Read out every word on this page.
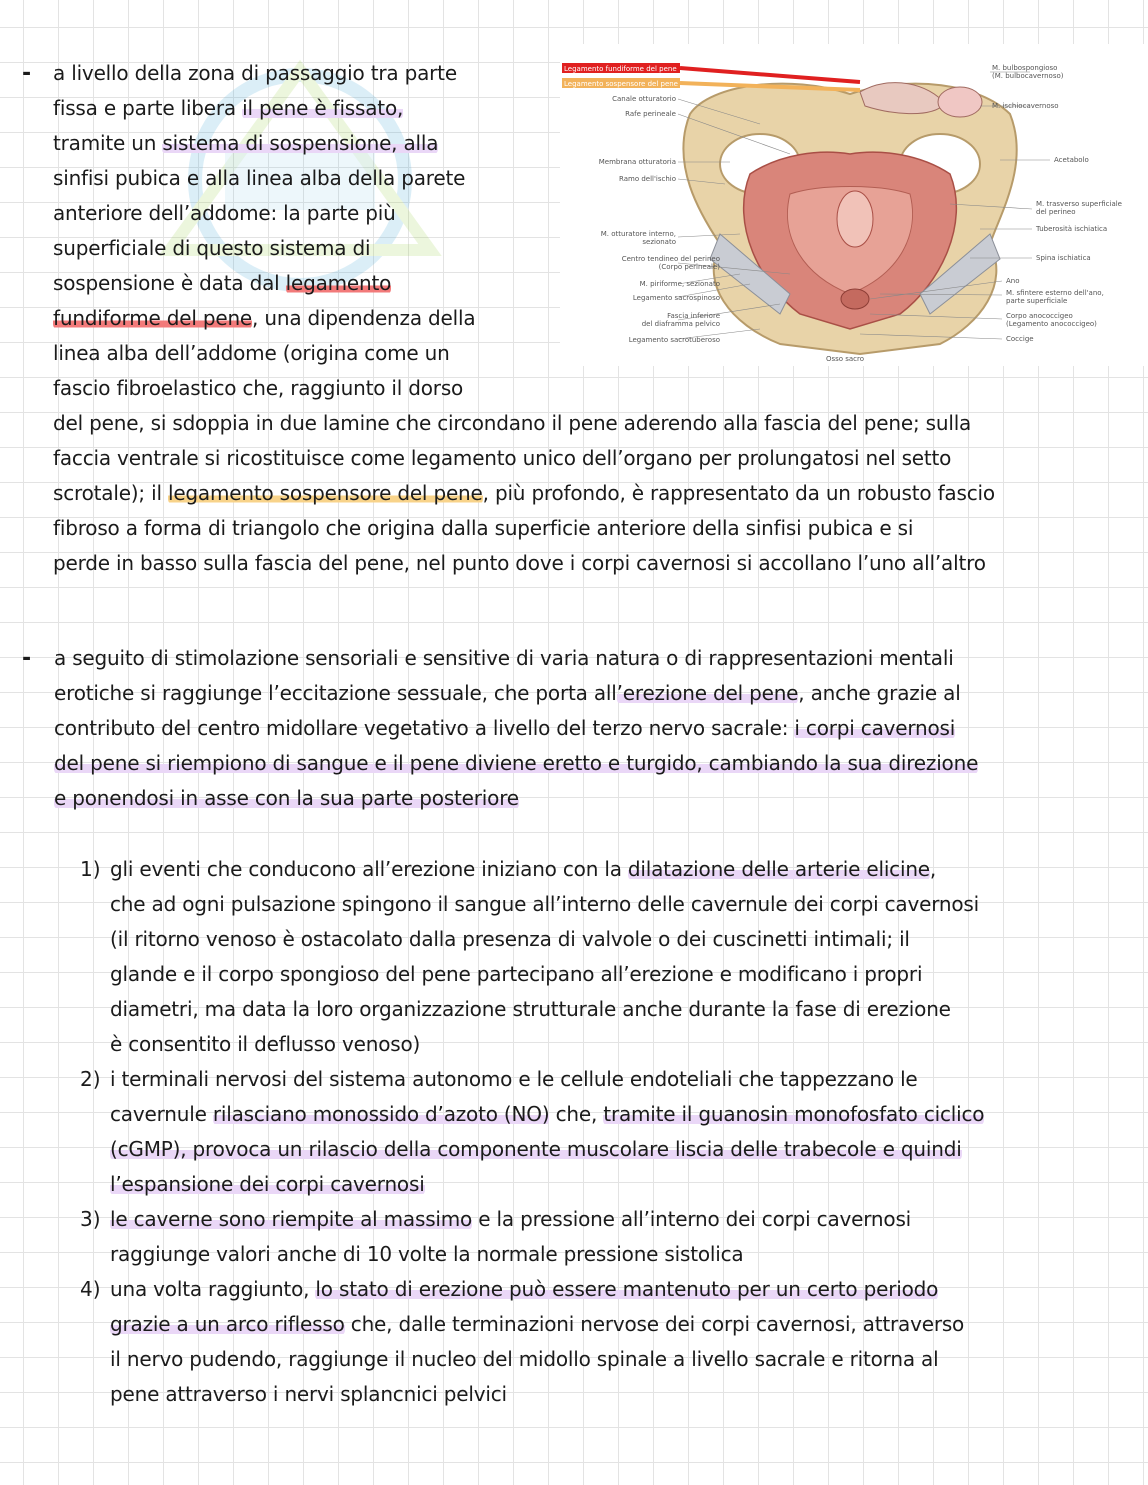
- a livello della zona di passaggio tra parte
fissa e parte libera il pene è fissato,
tramite un sistema di sospensione, alla
sinfisi pubica e alla linea alba della parete
anteriore dell’addome: la parte più
superficiale di questo sistema di
sospensione è data dal legamento
fundiforme del pene, una dipendenza della
linea alba dell’addome (origina come un
fascio fibroelastico che, raggiunto il dorso
del pene, si sdoppia in due lamine che circondano il pene aderendo alla fascia del pene; sulla
faccia ventrale si ricostituisce come legamento unico dell’organo per prolungatosi nel setto
scrotale); il legamento sospensore del pene, più profondo, è rappresentato da un robusto fascio
fibroso a forma di triangolo che origina dalla superficie anteriore della sinfisi pubica e si
perde in basso sulla fascia del pene, nel punto dove i corpi cavernosi si accollano l’uno all’altro
Legamento fundiforme del pene
Legamento sospensore del pene
Canale otturatorio
Rafe perineale
Membrana otturatoria
Ramo dell'ischio
M. otturatore interno,
sezionato
Centro tendineo del perineo
(Corpo perineale)
M. piriforme, sezionato
Legamento sacrospinoso
Fascia inferiore
del diaframma pelvico
Legamento sacrotuberoso
M. bulbospongioso
(M. bulbocavernoso)
M. ischiocavernoso
Acetabolo
M. trasverso superficiale
del perineo
Tuberosità ischiatica
Spina ischiatica
Ano
M. sfintere esterno dell'ano,
parte superficiale
Corpo anococcigeo
(Legamento anococcigeo)
Coccige
Osso sacro
- a seguito di stimolazione sensoriali e sensitive di varia natura o di rappresentazioni mentali
erotiche si raggiunge l’eccitazione sessuale, che porta all’erezione del pene, anche grazie al
contributo del centro midollare vegetativo a livello del terzo nervo sacrale: i corpi cavernosi
del pene si riempiono di sangue e il pene diviene eretto e turgido, cambiando la sua direzione
e ponendosi in asse con la sua parte posteriore
1) gli eventi che conducono all’erezione iniziano con la dilatazione delle arterie elicine,
che ad ogni pulsazione spingono il sangue all’interno delle cavernule dei corpi cavernosi
(il ritorno venoso è ostacolato dalla presenza di valvole o dei cuscinetti intimali; il
glande e il corpo spongioso del pene partecipano all’erezione e modificano i propri
diametri, ma data la loro organizzazione strutturale anche durante la fase di erezione
è consentito il deflusso venoso)
2) i terminali nervosi del sistema autonomo e le cellule endoteliali che tappezzano le
cavernule rilasciano monossido d’azoto (NO) che, tramite il guanosin monofosfato ciclico
(cGMP), provoca un rilascio della componente muscolare liscia delle trabecole e quindi
l’espansione dei corpi cavernosi
3) le caverne sono riempite al massimo e la pressione all’interno dei corpi cavernosi
raggiunge valori anche di 10 volte la normale pressione sistolica
4) una volta raggiunto, lo stato di erezione può essere mantenuto per un certo periodo
grazie a un arco riflesso che, dalle terminazioni nervose dei corpi cavernosi, attraverso
il nervo pudendo, raggiunge il nucleo del midollo spinale a livello sacrale e ritorna al
pene attraverso i nervi splancnici pelvici
